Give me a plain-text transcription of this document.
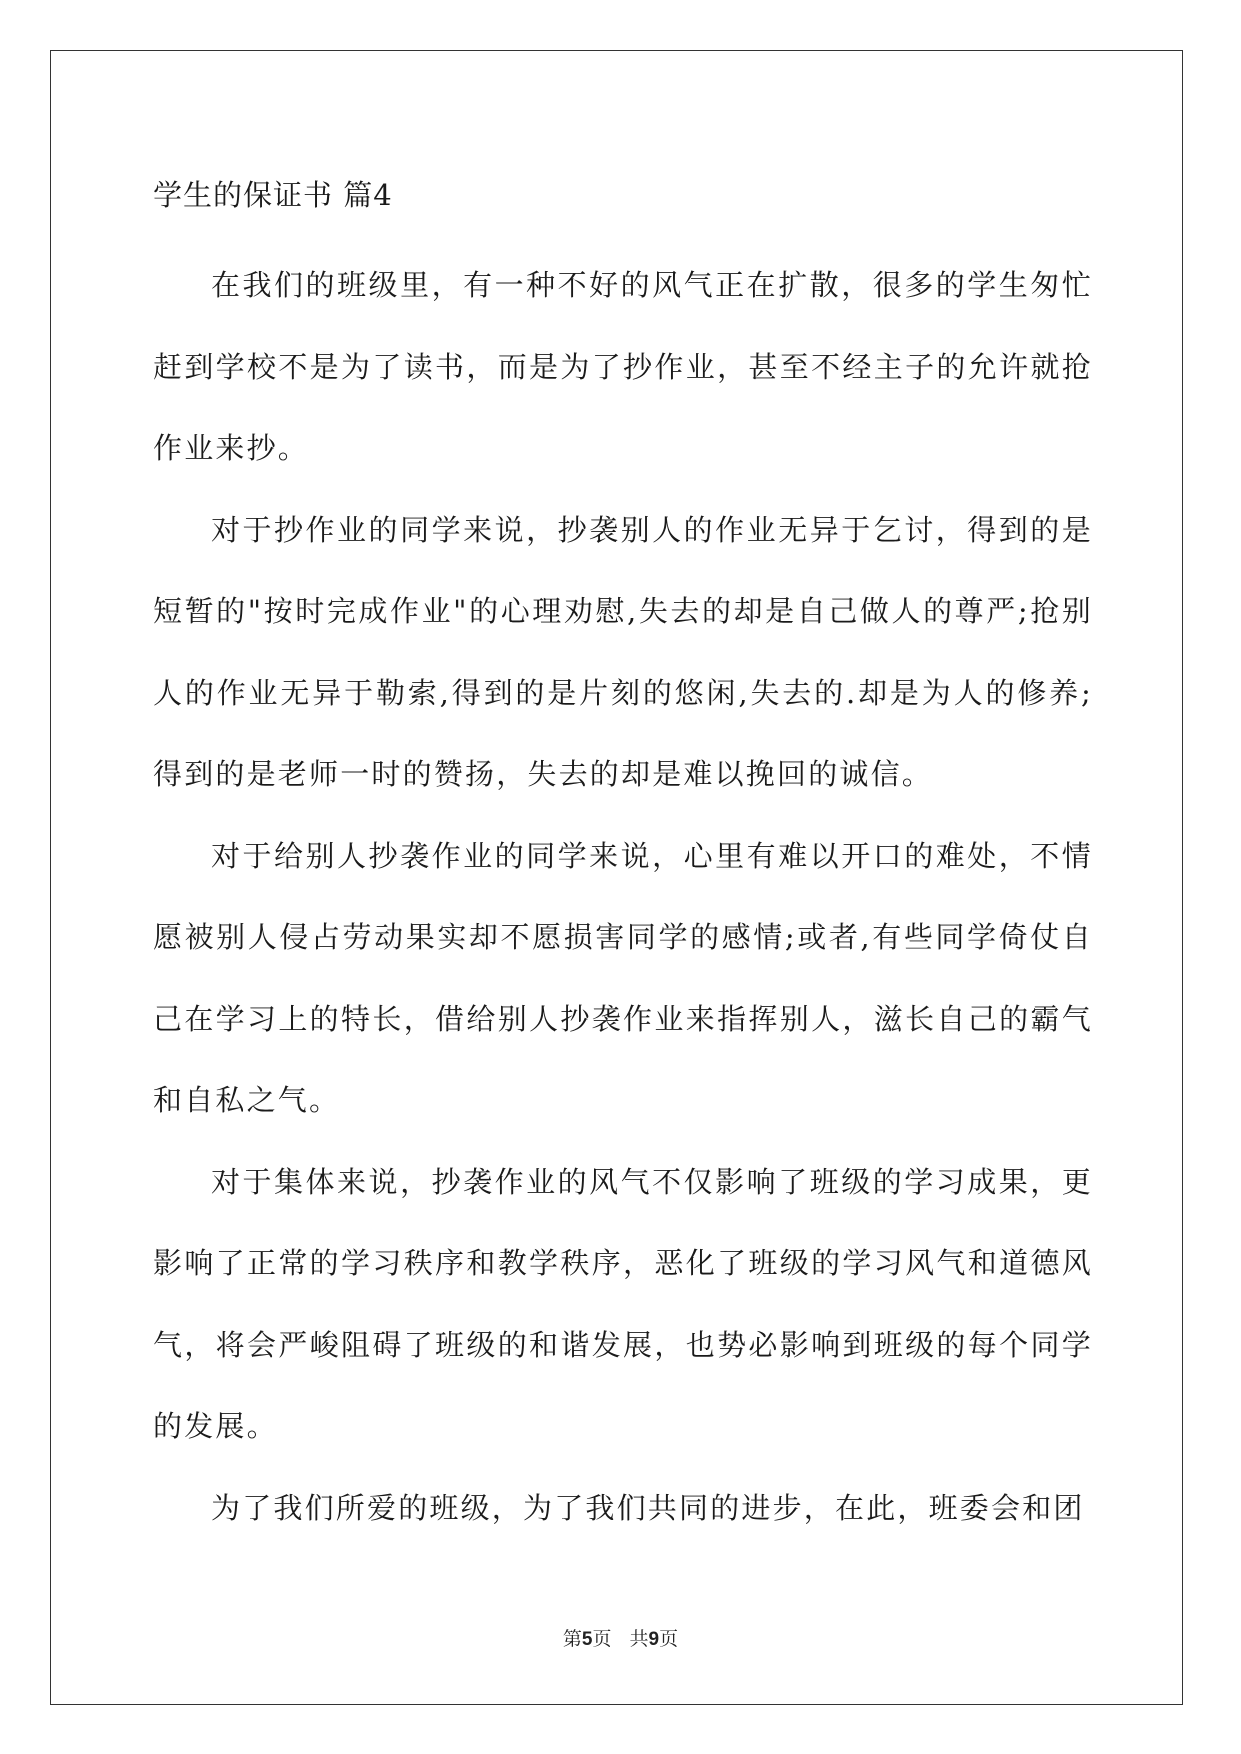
学生的保证书 篇4

在我们的班级里，有一种不好的风气正在扩散，很多的学生匆忙赶到学校不是为了读书，而是为了抄作业，甚至不经主子的允许就抢作业来抄。

对于抄作业的同学来说，抄袭别人的作业无异于乞讨，得到的是短暂的"按时完成作业"的心理劝慰,失去的却是自己做人的尊严;抢别人的作业无异于勒索,得到的是片刻的悠闲,失去的.却是为人的修养;得到的是老师一时的赞扬，失去的却是难以挽回的诚信。

对于给别人抄袭作业的同学来说，心里有难以开口的难处，不情愿被别人侵占劳动果实却不愿损害同学的感情;或者,有些同学倚仗自己在学习上的特长，借给别人抄袭作业来指挥别人，滋长自己的霸气和自私之气。

对于集体来说，抄袭作业的风气不仅影响了班级的学习成果，更影响了正常的学习秩序和教学秩序，恶化了班级的学习风气和道德风气，将会严峻阻碍了班级的和谐发展，也势必影响到班级的每个同学的发展。

为了我们所爱的班级，为了我们共同的进步，在此，班委会和团

第5页 共9页
